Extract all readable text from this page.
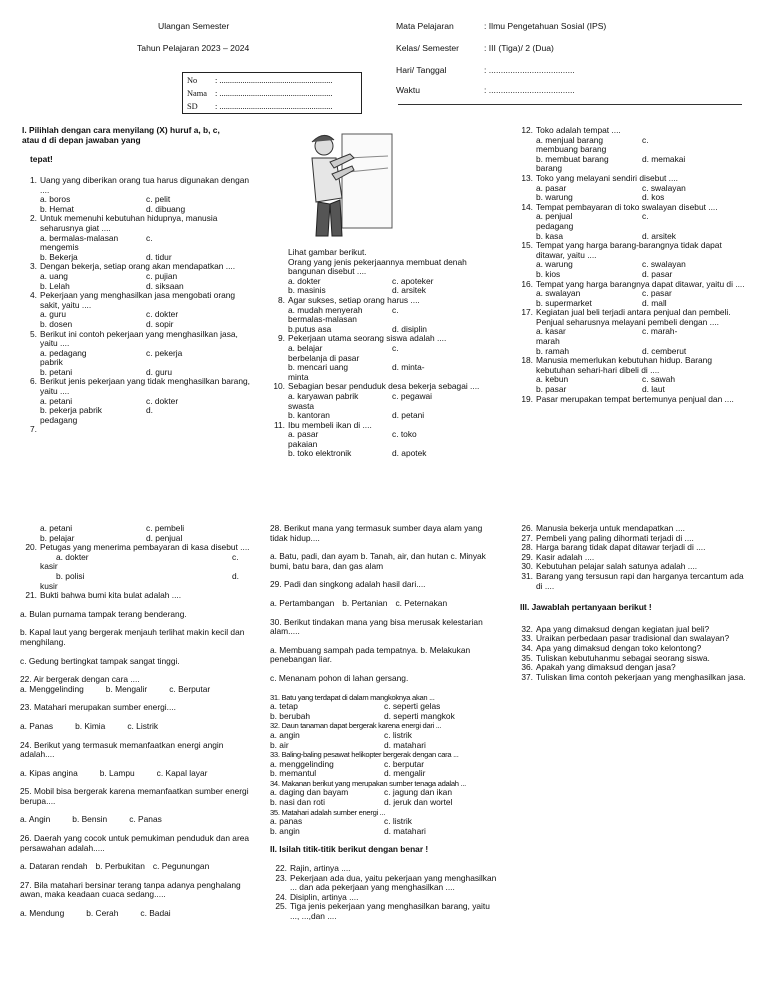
Ulangan Semester
Tahun Pelajaran 2023 – 2024
No	: ......................................................
Nama : ......................................................
SD	: ......................................................
Mata Pelajaran	: Ilmu Pengetahuan Sosial (IPS)
Kelas/ Semester	: III (Tiga)/ 2 (Dua)
Hari/ Tanggal	: ....................................
Waktu	: ....................................
I. Pilihlah dengan cara menyilang (X) huruf a, b, c,
atau d di depan jawaban yang
tepat!
1. Uang yang diberikan orang tua harus digunakan dengan ....
a. boros	c. pelit
b. Hemat	d. dibuang
2. Untuk memenuhi kebutuhan hidupnya, manusia seharusnya giat ....
a. bermalas-malasan	c.
mengemis
b. Bekerja	d. tidur
3. Dengan bekerja, setiap orang akan mendapatkan ....
a. uang	c. pujian
b. Lelah	d. siksaan
4. Pekerjaan yang menghasilkan jasa mengobati orang sakit, yaitu ....
a. guru	c. dokter
b. dosen	d. sopir
5. Berikut ini contoh pekerjaan yang menghasilkan jasa, yaitu ....
a. pedagang	c. pekerja
pabrik
b. petani	d. guru
6. Berikut jenis pekerjaan yang tidak menghasilkan barang, yaitu ....
a. petani	c. dokter
b. pekerja pabrik	d.
pedagang
7.
Lihat gambar berikut.
Orang yang jenis pekerjaannya membuat denah bangunan disebut ....
a. dokter	c. apoteker
b. masinis	d. arsitek
8. Agar sukses, setiap orang harus ....
a. mudah menyerah	c.
bermalas-malasan
b.putus asa	d. disiplin
9. Pekerjaan utama seorang siswa adalah ....
a. belajar	c.
berbelanja di pasar
b. mencari uang	d. minta-
minta
10. Sebagian besar penduduk desa bekerja sebagai ....
a. karyawan pabrik	c. pegawai
swasta
b. kantoran	d. petani
11. Ibu membeli ikan di ....
a. pasar	c. toko
pakaian
b. toko elektronik	d. apotek
12. Toko adalah tempat ....
a. menjual barang	c.
membuang barang
b. membuat barang	d. memakai
barang
13. Toko yang melayani sendiri disebut ....
a. pasar	c. swalayan
b. warung	d. kos
14. Tempat pembayaran di toko swalayan disebut ....
a. penjual	c.
pedagang
b. kasa	d. arsitek
15. Tempat yang harga barang-barangnya tidak dapat ditawar, yaitu ....
a. warung	c. swalayan
b. kios	d. pasar
16. Tempat yang harga barangnya dapat ditawar, yaitu di ....
a. swalayan	c. pasar
b. supermarket	d. mall
17. Kegiatan jual beli terjadi antara penjual dan pembeli. Penjual seharusnya melayani pembeli dengan ....
a. kasar	c. marah-
marah
b. ramah	d. cemberut
18. Manusia memerlukan kebutuhan hidup. Barang kebutuhan sehari-hari dibeli di ....
a. kebun	c. sawah
b. pasar	d. laut
19. Pasar merupakan tempat bertemunya penjual dan ....
a. petani	c. pembeli
b. pelajar	d. penjual
20. Petugas yang menerima pembayaran di kasa disebut ....
a. dokter	c.
kasir
b. polisi	d.
kusir
21. Bukti bahwa bumi kita bulat adalah ....
a. Bulan purnama tampak terang benderang.
b. Kapal laut yang bergerak menjauh terlihat makin kecil dan menghilang.
c. Gedung bertingkat tampak sangat tinggi.
22. Air bergerak dengan cara ....
a. Menggelinding	b. Mengalir	c. Berputar
23. Matahari merupakan sumber energi....
a. Panas	b. Kimia	c. Listrik
24. Berikut yang termasuk memanfaatkan energi angin adalah....
a. Kipas angina	b. Lampu	c. Kapal layar
25. Mobil bisa bergerak karena memanfaatkan sumber energi berupa....
a. Angin	b. Bensin	c. Panas
26. Daerah yang cocok untuk pemukiman penduduk dan area persawahan adalah.....
a. Dataran rendah b. Perbukitan c. Pegunungan
27. Bila matahari bersinar terang tanpa adanya penghalang awan, maka keadaan cuaca sedang.....
a. Mendung	b. Cerah	c. Badai
28. Berikut mana yang termasuk sumber daya alam yang tidak hidup....
a. Batu, padi, dan ayam b. Tanah, air, dan hutan c. Minyak bumi, batu bara, dan gas alam
29. Padi dan singkong adalah hasil dari....
a. Pertambangan b. Pertanian c. Peternakan
30. Berikut tindakan mana yang bisa merusak kelestarian alam.....
a. Membuang sampah pada tempatnya. b. Melakukan penebangan liar.
c. Menanam pohon di lahan gersang.
31. Batu yang terdapat di dalam mangkoknya akan ...
a. tetap	c. seperti gelas
b. berubah	d. seperti mangkok
32. Daun tanaman dapat bergerak karena energi dari ...
a. angin	c. listrik
b. air	d. matahari
33. Baling-baling pesawat helikopter bergerak dengan cara ...
a. menggelinding	c. berputar
b. memantul	d. mengalir
34. Makanan berikut yang merupakan sumber tenaga adalah ...
a. daging dan bayam	c. jagung dan ikan
b. nasi dan roti	d. jeruk dan wortel
35. Matahari adalah sumber energi ...
a. panas	c. listrik
b. angin	d. matahari
II. Isilah titik-titik berikut dengan benar !
22. Rajin, artinya ....
23. Pekerjaan ada dua, yaitu pekerjaan yang menghasilkan ... dan ada pekerjaan yang menghasilkan ....
24. Disiplin, artinya ....
25. Tiga jenis pekerjaan yang menghasilkan barang, yaitu ..., ...,dan ....
26. Manusia bekerja untuk mendapatkan ....
27. Pembeli yang paling dihormati terjadi di ....
28. Harga barang tidak dapat ditawar terjadi di ....
29. Kasir adalah ....
30. Kebutuhan pelajar salah satunya adalah ....
31. Barang yang tersusun rapi dan harganya tercantum ada di ....
III. Jawablah pertanyaan berikut !
32. Apa yang dimaksud dengan kegiatan jual beli?
33. Uraikan perbedaan pasar tradisional dan swalayan?
34. Apa yang dimaksud dengan toko kelontong?
35. Tuliskan kebutuhanmu sebagai seorang siswa.
36. Apakah yang dimaksud dengan jasa?
37. Tuliskan lima contoh pekerjaan yang menghasilkan jasa.
